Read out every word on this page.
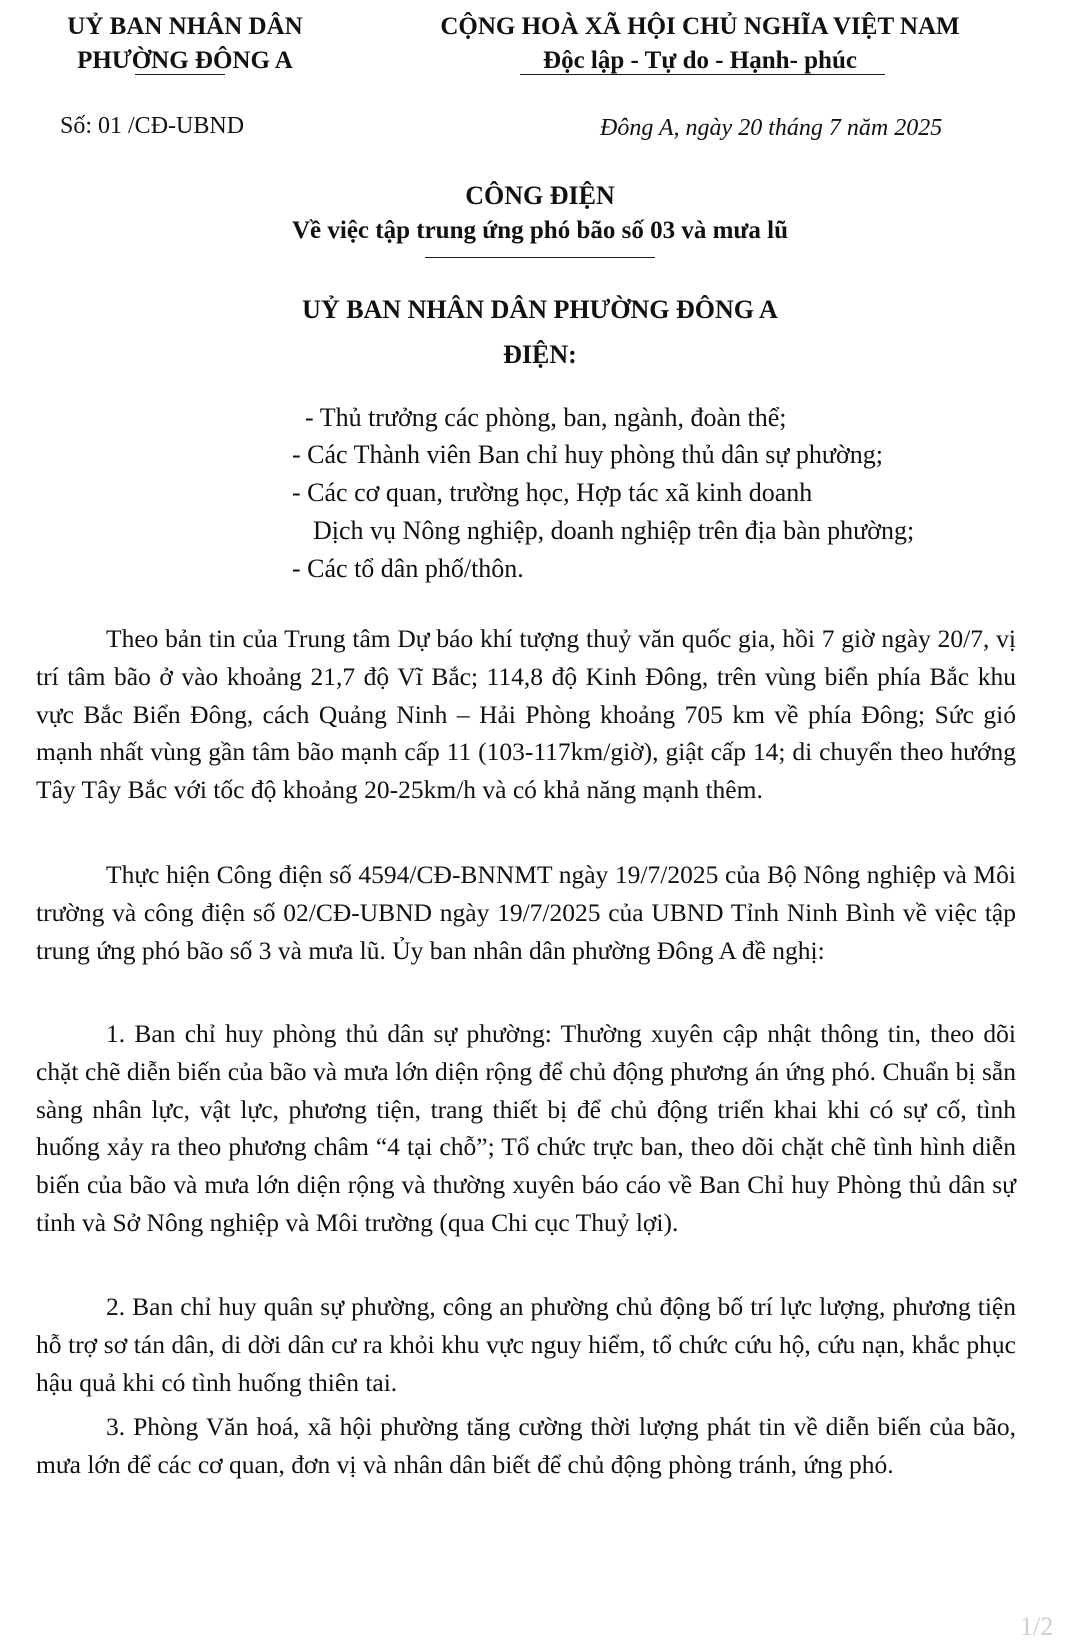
UỶ BAN NHÂN DÂN
PHƯỜNG ĐÔNG A
CỘNG HOÀ XÃ HỘI CHỦ NGHĨA VIỆT NAM
Độc lập - Tự do - Hạnh- phúc
Số: 01 /CĐ-UBND	Đông A, ngày 20 tháng 7 năm 2025
CÔNG ĐIỆN
Về việc tập trung ứng phó bão số 03 và mưa lũ
UỶ BAN NHÂN DÂN PHƯỜNG ĐÔNG A
ĐIỆN:
- Thủ trưởng các phòng, ban, ngành, đoàn thể;
- Các Thành viên Ban chỉ huy phòng thủ dân sự phường;
- Các cơ quan, trường học, Hợp tác xã kinh doanh
Dịch vụ Nông nghiệp, doanh nghiệp trên địa bàn phường;
- Các tổ dân phố/thôn.
Theo bản tin của Trung tâm Dự báo khí tượng thuỷ văn quốc gia, hồi 7 giờ ngày 20/7, vị trí tâm bão ở vào khoảng 21,7 độ Vĩ Bắc; 114,8 độ Kinh Đông, trên vùng biển phía Bắc khu vực Bắc Biển Đông, cách Quảng Ninh – Hải Phòng khoảng 705 km về phía Đông; Sức gió mạnh nhất vùng gần tâm bão mạnh cấp 11 (103-117km/giờ), giật cấp 14; di chuyển theo hướng Tây Tây Bắc với tốc độ khoảng 20-25km/h và có khả năng mạnh thêm.
Thực hiện Công điện số 4594/CĐ-BNNMT ngày 19/7/2025 của Bộ Nông nghiệp và Môi trường và công điện số 02/CĐ-UBND ngày 19/7/2025 của UBND Tỉnh Ninh Bình về việc tập trung ứng phó bão số 3 và mưa lũ. Ủy ban nhân dân phường Đông A đề nghị:
1. Ban chỉ huy phòng thủ dân sự phường: Thường xuyên cập nhật thông tin, theo dõi chặt chẽ diễn biến của bão và mưa lớn diện rộng để chủ động phương án ứng phó. Chuẩn bị sẵn sàng nhân lực, vật lực, phương tiện, trang thiết bị để chủ động triển khai khi có sự cố, tình huống xảy ra theo phương châm “4 tại chỗ”; Tổ chức trực ban, theo dõi chặt chẽ tình hình diễn biến của bão và mưa lớn diện rộng và thường xuyên báo cáo về Ban Chỉ huy Phòng thủ dân sự tỉnh và Sở Nông nghiệp và Môi trường (qua Chi cục Thuỷ lợi).
2. Ban chỉ huy quân sự phường, công an phường chủ động bố trí lực lượng, phương tiện hỗ trợ sơ tán dân, di dời dân cư ra khỏi khu vực nguy hiểm, tổ chức cứu hộ, cứu nạn, khắc phục hậu quả khi có tình huống thiên tai.
3. Phòng Văn hoá, xã hội phường tăng cường thời lượng phát tin về diễn biến của bão, mưa lớn để các cơ quan, đơn vị và nhân dân biết để chủ động phòng tránh, ứng phó.
1/2
